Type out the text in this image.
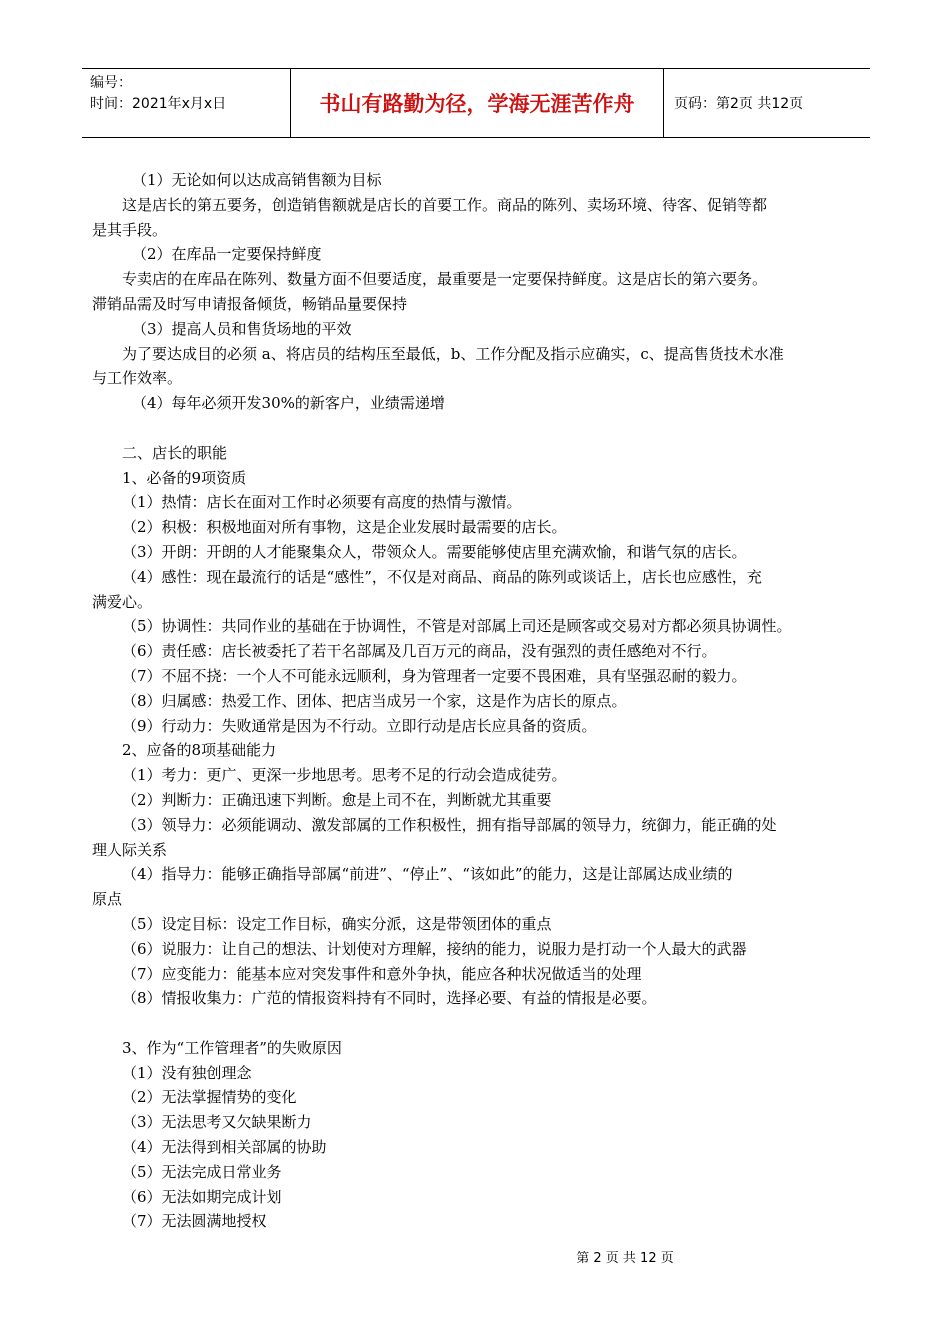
编号：
时间：2021年x月x日	书山有路勤为径，学海无涯苦作舟	页码：第2页 共12页
（1）无论如何以达成高销售额为目标
这是店长的第五要务，创造销售额就是店长的首要工作。商品的陈列、卖场环境、待客、促销等都
是其手段。
（2）在库品一定要保持鲜度
专卖店的在库品在陈列、数量方面不但要适度，最重要是一定要保持鲜度。这是店长的第六要务。
滞销品需及时写申请报备倾货，畅销品量要保持
（3）提高人员和售货场地的平效
为了要达成目的必须 a、将店员的结构压至最低，b、工作分配及指示应确实，c、提高售货技术水准
与工作效率。
（4）每年必须开发30%的新客户，业绩需递增
二、店长的职能
1、必备的9项资质
（1）热情：店长在面对工作时必须要有高度的热情与激情。
（2）积极：积极地面对所有事物，这是企业发展时最需要的店长。
（3）开朗：开朗的人才能聚集众人，带领众人。需要能够使店里充满欢愉，和谐气氛的店长。
（4）感性：现在最流行的话是“感性”，不仅是对商品、商品的陈列或谈话上，店长也应感性，充
满爱心。
（5）协调性：共同作业的基础在于协调性，不管是对部属上司还是顾客或交易对方都必须具协调性。
（6）责任感：店长被委托了若干名部属及几百万元的商品，没有强烈的责任感绝对不行。
（7）不屈不挠：一个人不可能永远顺利，身为管理者一定要不畏困难，具有坚强忍耐的毅力。
（8）归属感：热爱工作、团体、把店当成另一个家，这是作为店长的原点。
（9）行动力：失败通常是因为不行动。立即行动是店长应具备的资质。
2、应备的8项基础能力
（1）考力：更广、更深一步地思考。思考不足的行动会造成徒劳。
（2）判断力：正确迅速下判断。愈是上司不在，判断就尤其重要
（3）领导力：必须能调动、激发部属的工作积极性，拥有指导部属的领导力，统御力，能正确的处
理人际关系
（4）指导力：能够正确指导部属“前进”、“停止”、“该如此”的能力，这是让部属达成业绩的
原点
（5）设定目标：设定工作目标，确实分派，这是带领团体的重点
（6）说服力：让自己的想法、计划使对方理解，接纳的能力，说服力是打动一个人最大的武器
（7）应变能力：能基本应对突发事件和意外争执，能应各种状况做适当的处理
（8）情报收集力：广范的情报资料持有不同时，选择必要、有益的情报是必要。
3、作为“工作管理者”的失败原因
（1）没有独创理念
（2）无法掌握情势的变化
（3）无法思考又欠缺果断力
（4）无法得到相关部属的协助
（5）无法完成日常业务
（6）无法如期完成计划
（7）无法圆满地授权
第 2 页 共 12 页
